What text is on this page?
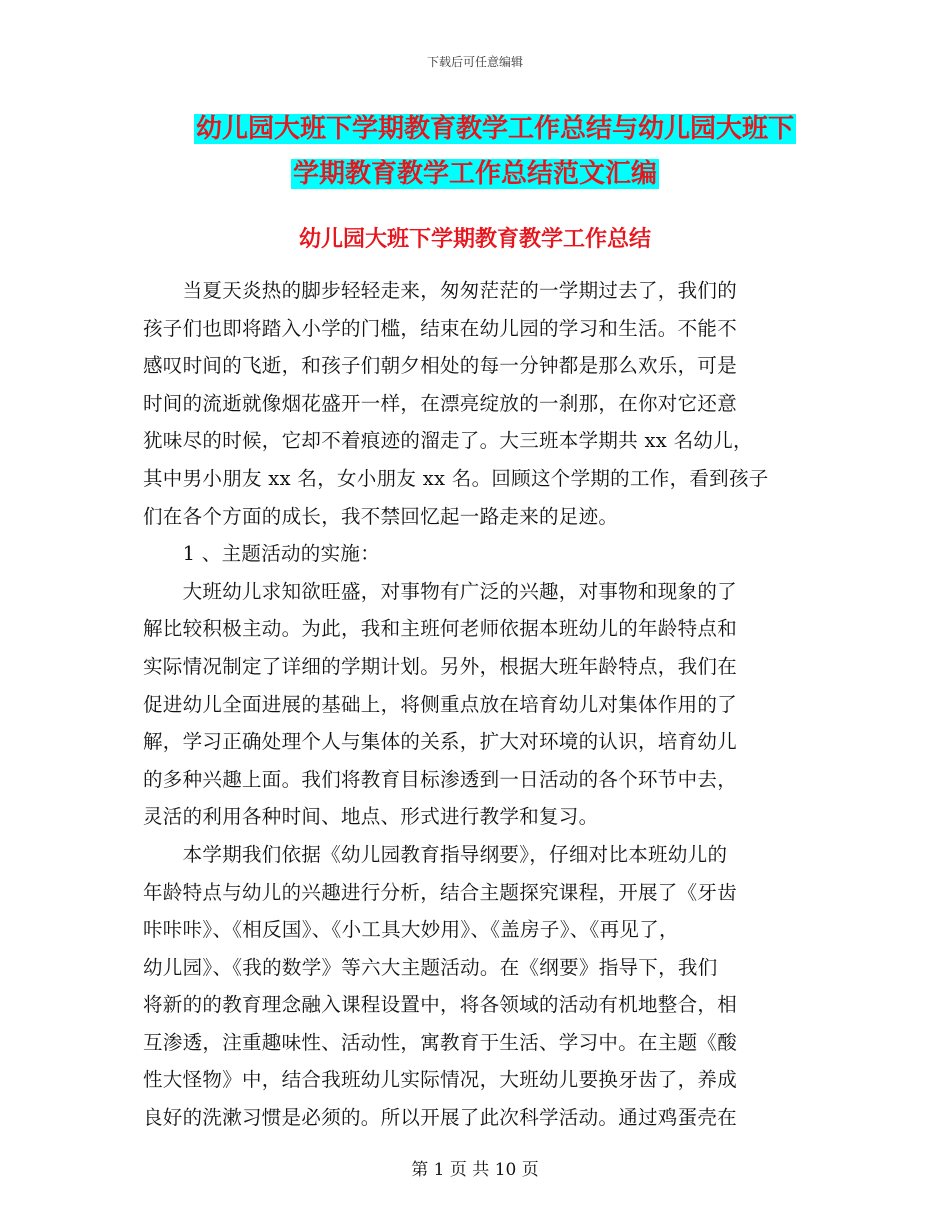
下载后可任意编辑
幼儿园大班下学期教育教学工作总结与幼儿园大班下
学期教育教学工作总结范文汇编
幼儿园大班下学期教育教学工作总结
　　当夏天炎热的脚步轻轻走来，匆匆茫茫的一学期过去了，我们的
孩子们也即将踏入小学的门槛，结束在幼儿园的学习和生活。不能不
感叹时间的飞逝，和孩子们朝夕相处的每一分钟都是那么欢乐，可是
时间的流逝就像烟花盛开一样，在漂亮绽放的一刹那，在你对它还意
犹味尽的时候，它却不着痕迹的溜走了。大三班本学期共 xx 名幼儿，
其中男小朋友 xx 名，女小朋友 xx 名。回顾这个学期的工作，看到孩子
们在各个方面的成长，我不禁回忆起一路走来的足迹。
　　1 、主题活动的实施：
　　大班幼儿求知欲旺盛，对事物有广泛的兴趣，对事物和现象的了
解比较积极主动。为此，我和主班何老师依据本班幼儿的年龄特点和
实际情况制定了详细的学期计划。另外，根据大班年龄特点，我们在
促进幼儿全面进展的基础上，将侧重点放在培育幼儿对集体作用的了
解，学习正确处理个人与集体的关系，扩大对环境的认识，培育幼儿
的多种兴趣上面。我们将教育目标渗透到一日活动的各个环节中去，
灵活的利用各种时间、地点、形式进行教学和复习。
　　本学期我们依据《幼儿园教育指导纲要》，仔细对比本班幼儿的
年龄特点与幼儿的兴趣进行分析，结合主题探究课程，开展了《牙齿
咔咔咔》、《相反国》、《小工具大妙用》、《盖房子》、《再见了，
幼儿园》、《我的数学》等六大主题活动。在《纲要》指导下，我们
将新的的教育理念融入课程设置中，将各领域的活动有机地整合，相
互渗透，注重趣味性、活动性，寓教育于生活、学习中。在主题《酸
性大怪物》中，结合我班幼儿实际情况，大班幼儿要换牙齿了，养成
良好的洗漱习惯是必须的。所以开展了此次科学活动。通过鸡蛋壳在
第 1 页 共 10 页
